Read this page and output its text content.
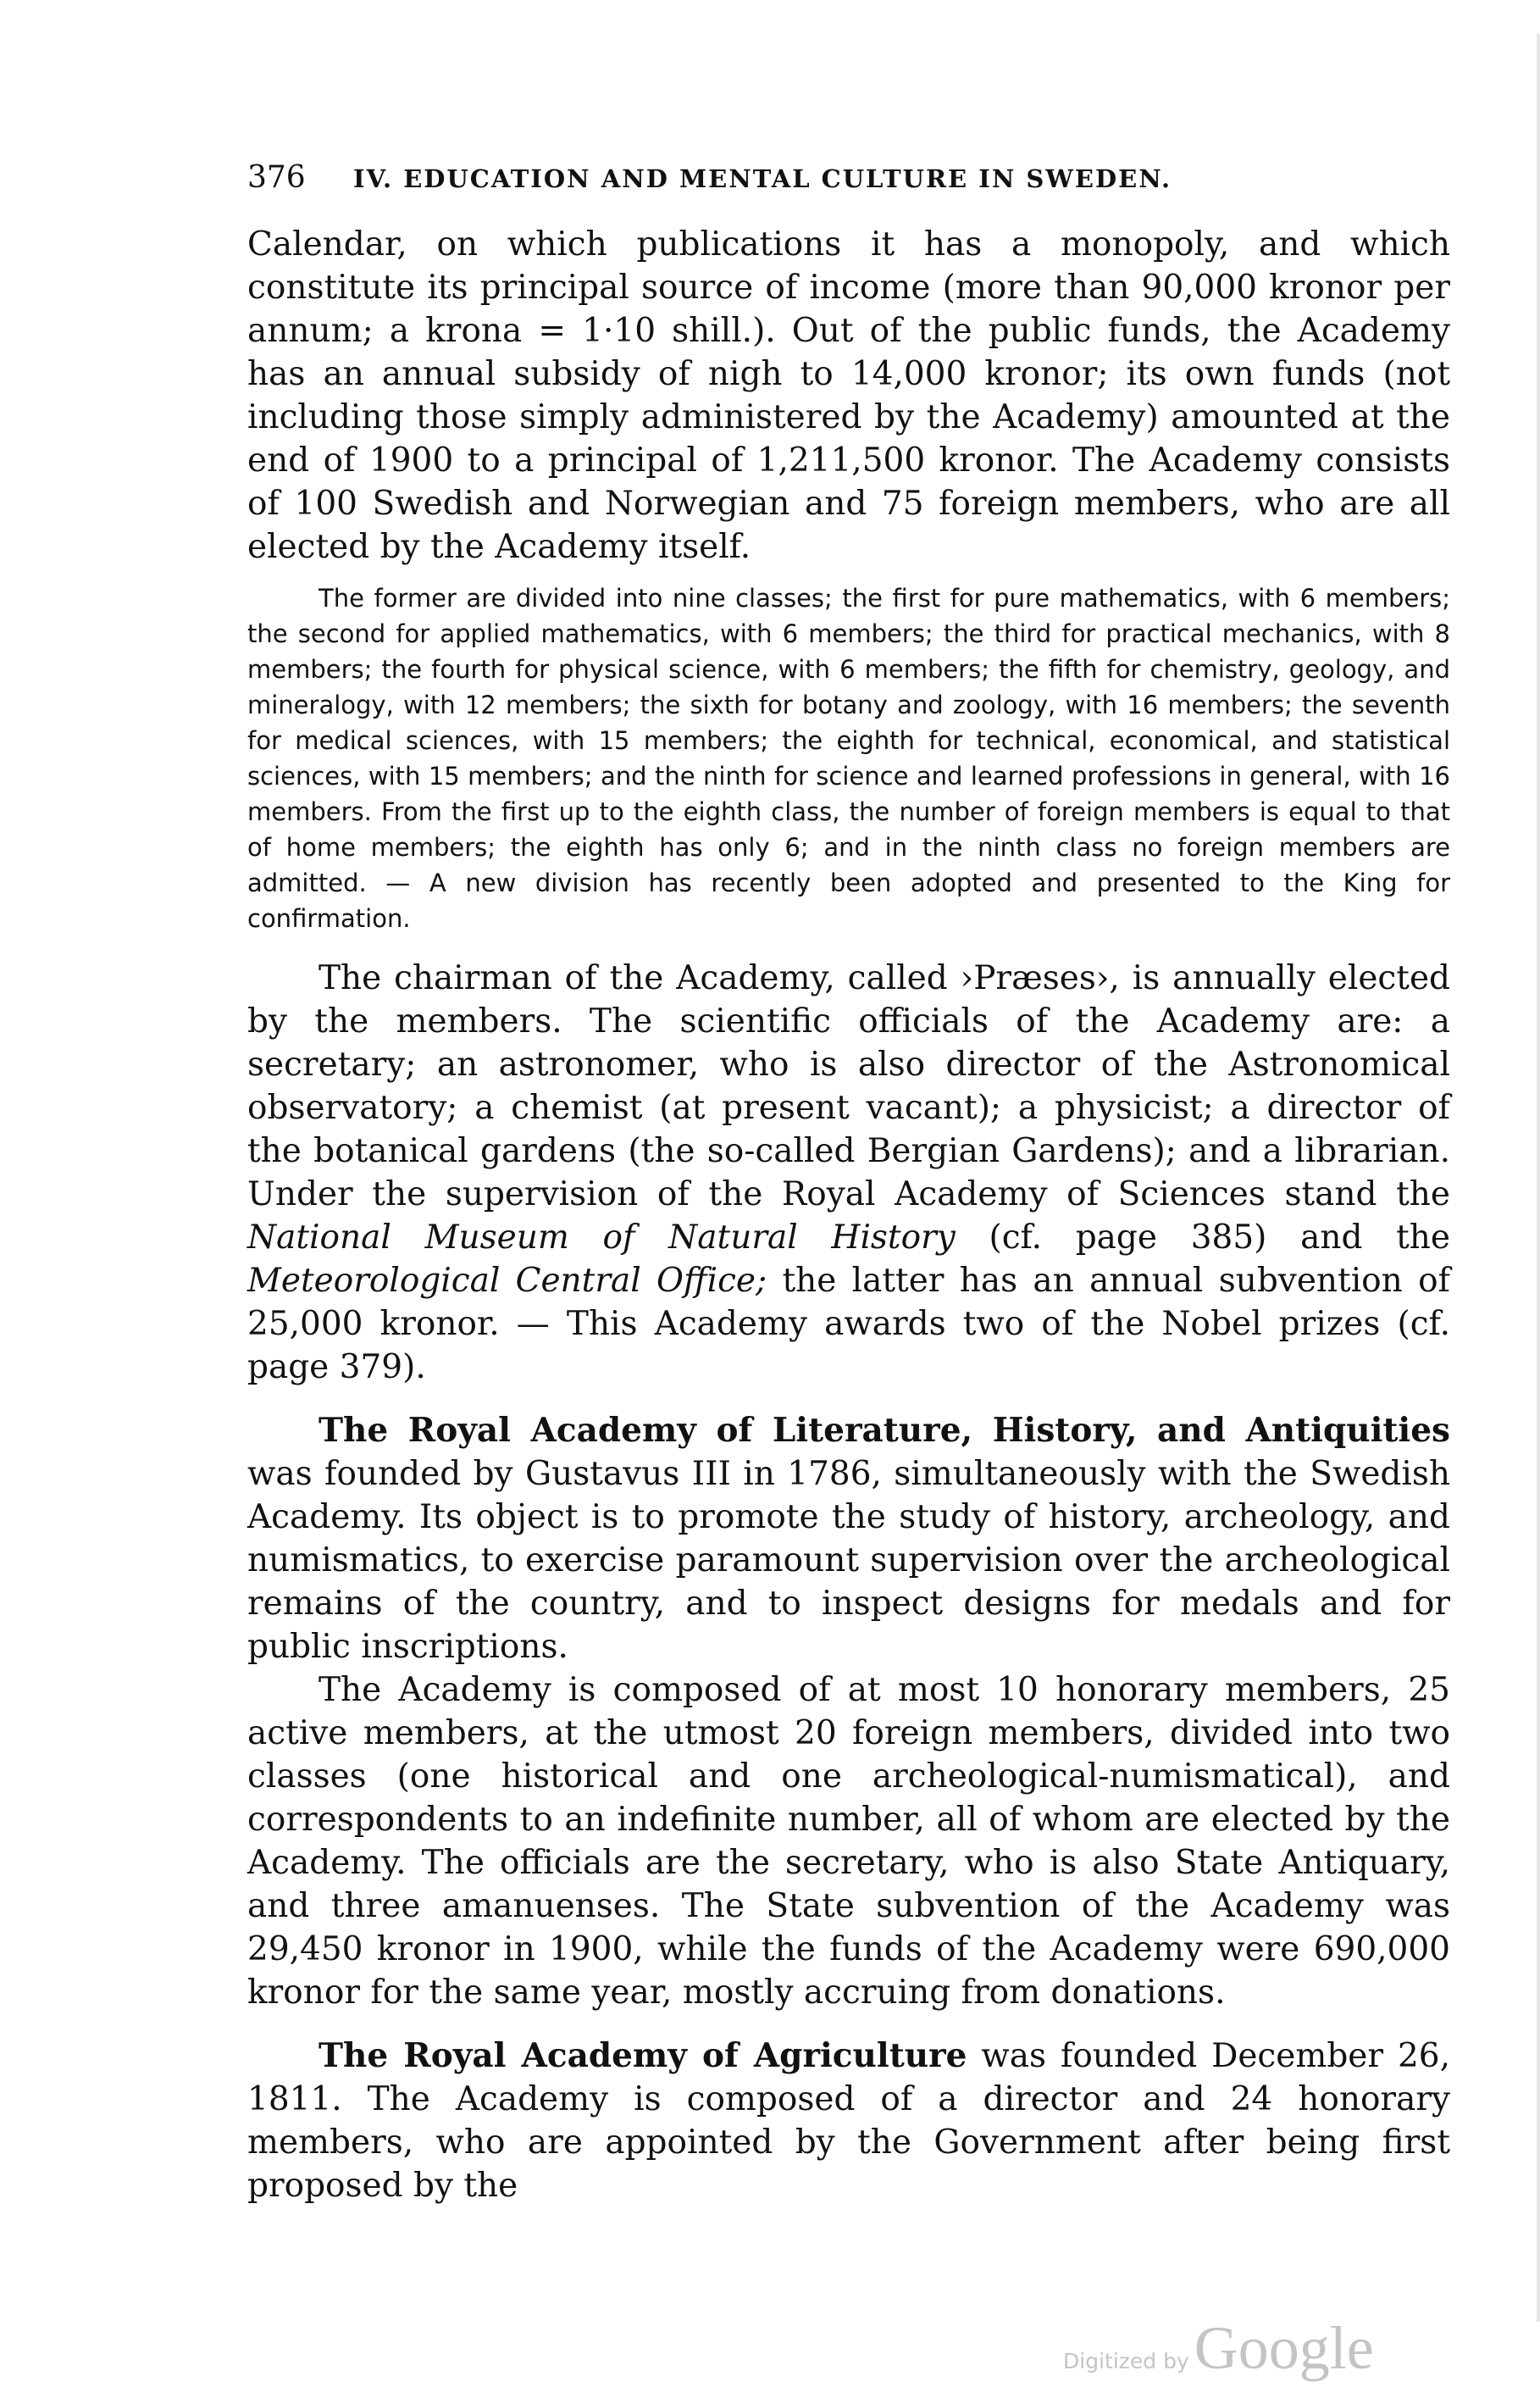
376	IV. EDUCATION AND MENTAL CULTURE IN SWEDEN.

Calendar, on which publications it has a monopoly, and which constitute its principal source of income (more than 90,000 kronor per annum; a krona = 1·10 shill.). Out of the public funds, the Academy has an annual subsidy of nigh to 14,000 kronor; its own funds (not including those simply administered by the Academy) amounted at the end of 1900 to a principal of 1,211,500 kronor. The Academy consists of 100 Swedish and Norwegian and 75 foreign members, who are all elected by the Academy itself.

The former are divided into nine classes; the first for pure mathematics, with 6 members; the second for applied mathematics, with 6 members; the third for practical mechanics, with 8 members; the fourth for physical science, with 6 members; the fifth for chemistry, geology, and mineralogy, with 12 members; the sixth for botany and zoology, with 16 members; the seventh for medical sciences, with 15 members; the eighth for technical, economical, and statistical sciences, with 15 members; and the ninth for science and learned professions in general, with 16 members. From the first up to the eighth class, the number of foreign members is equal to that of home members; the eighth has only 6; and in the ninth class no foreign members are admitted. — A new division has recently been adopted and presented to the King for confirmation.

The chairman of the Academy, called ›Præses›, is annually elected by the members. The scientific officials of the Academy are: a secretary; an astronomer, who is also director of the Astronomical observatory; a chemist (at present vacant); a physicist; a director of the botanical gardens (the so-called Bergian Gardens); and a librarian. Under the supervision of the Royal Academy of Sciences stand the National Museum of Natural History (cf. page 385) and the Meteorological Central Office; the latter has an annual subvention of 25,000 kronor. — This Academy awards two of the Nobel prizes (cf. page 379).

The Royal Academy of Literature, History, and Antiquities was founded by Gustavus III in 1786, simultaneously with the Swedish Academy. Its object is to promote the study of history, archeology, and numismatics, to exercise paramount supervision over the archeological remains of the country, and to inspect designs for medals and for public inscriptions.

The Academy is composed of at most 10 honorary members, 25 active members, at the utmost 20 foreign members, divided into two classes (one historical and one archeological-numismatical), and correspondents to an indefinite number, all of whom are elected by the Academy. The officials are the secretary, who is also State Antiquary, and three amanuenses. The State subvention of the Academy was 29,450 kronor in 1900, while the funds of the Academy were 690,000 kronor for the same year, mostly accruing from donations.

The Royal Academy of Agriculture was founded December 26, 1811. The Academy is composed of a director and 24 honorary members, who are appointed by the Government after being first proposed by the

Digitized by Google
